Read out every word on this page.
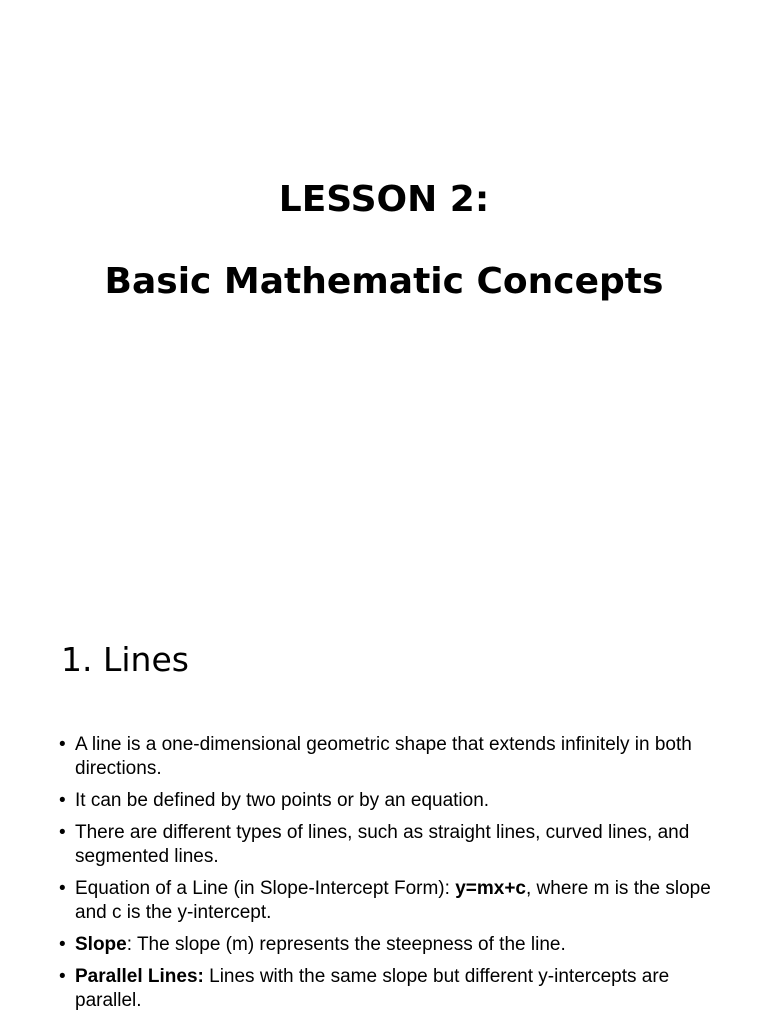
LESSON 2:
Basic Mathematic Concepts
1. Lines
• A line is a one-dimensional geometric shape that extends infinitely in both directions.
• It can be defined by two points or by an equation.
• There are different types of lines, such as straight lines, curved lines, and segmented lines.
• Equation of a Line (in Slope-Intercept Form): y=mx+c, where m is the slope and c is the y-intercept.
• Slope: The slope (m) represents the steepness of the line.
• Parallel Lines: Lines with the same slope but different y-intercepts are parallel.
